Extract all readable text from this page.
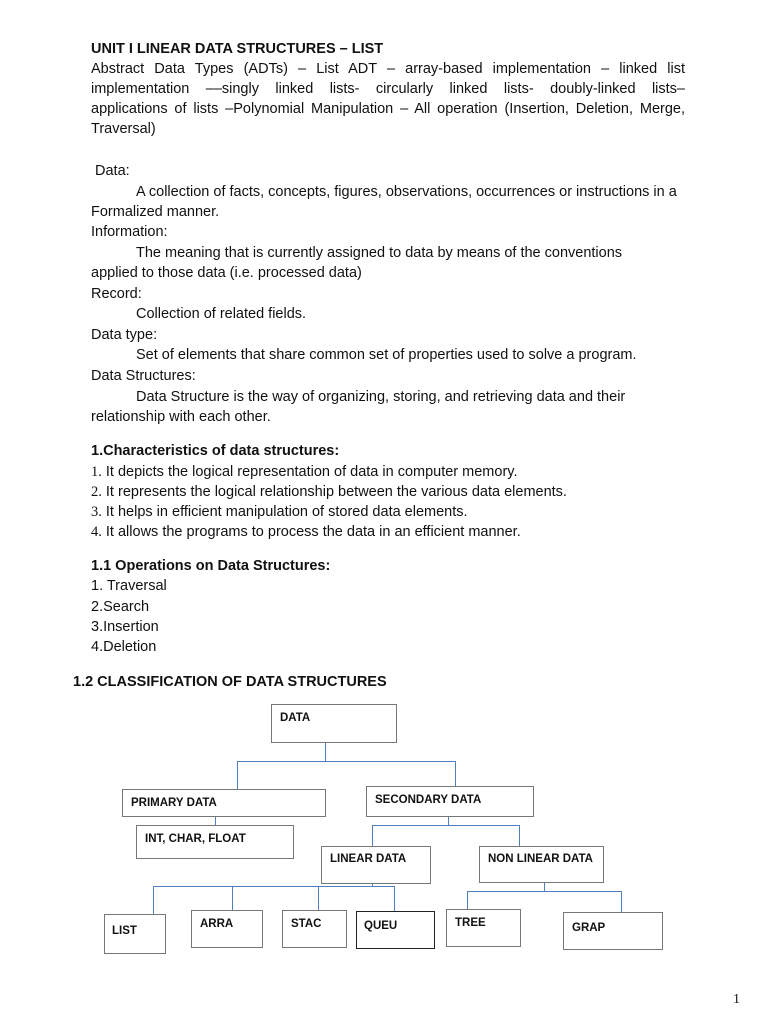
UNIT I LINEAR DATA STRUCTURES – LIST
Abstract Data Types (ADTs) – List ADT – array-based implementation – linked list
implementation ––singly linked lists- circularly linked lists- doubly-linked lists–
applications of lists –Polynomial Manipulation – All operation (Insertion, Deletion, Merge,
Traversal)
Data:
A collection of facts, concepts, figures, observations, occurrences or instructions in a
Formalized manner.
Information:
The meaning that is currently assigned to data by means of the conventions
applied to those data (i.e. processed data)
Record:
Collection of related fields.
Data type:
Set of elements that share common set of properties used to solve a program.
Data Structures:
Data Structure is the way of organizing, storing, and retrieving data and their
relationship with each other.
1.Characteristics of data structures:
1. It depicts the logical representation of data in computer memory.
2. It represents the logical relationship between the various data elements.
3. It helps in efficient manipulation of stored data elements.
4. It allows the programs to process the data in an efficient manner.
1.1 Operations on Data Structures:
1. Traversal
2.Search
3.Insertion
4.Deletion
1.2 CLASSIFICATION OF DATA STRUCTURES
DATA
PRIMARY DATA	SECONDARY DATA
INT, CHAR, FLOAT
LINEAR DATA	NON LINEAR DATA
LIST
ARRA	STAC	QUEU	TREE	GRAP
1
